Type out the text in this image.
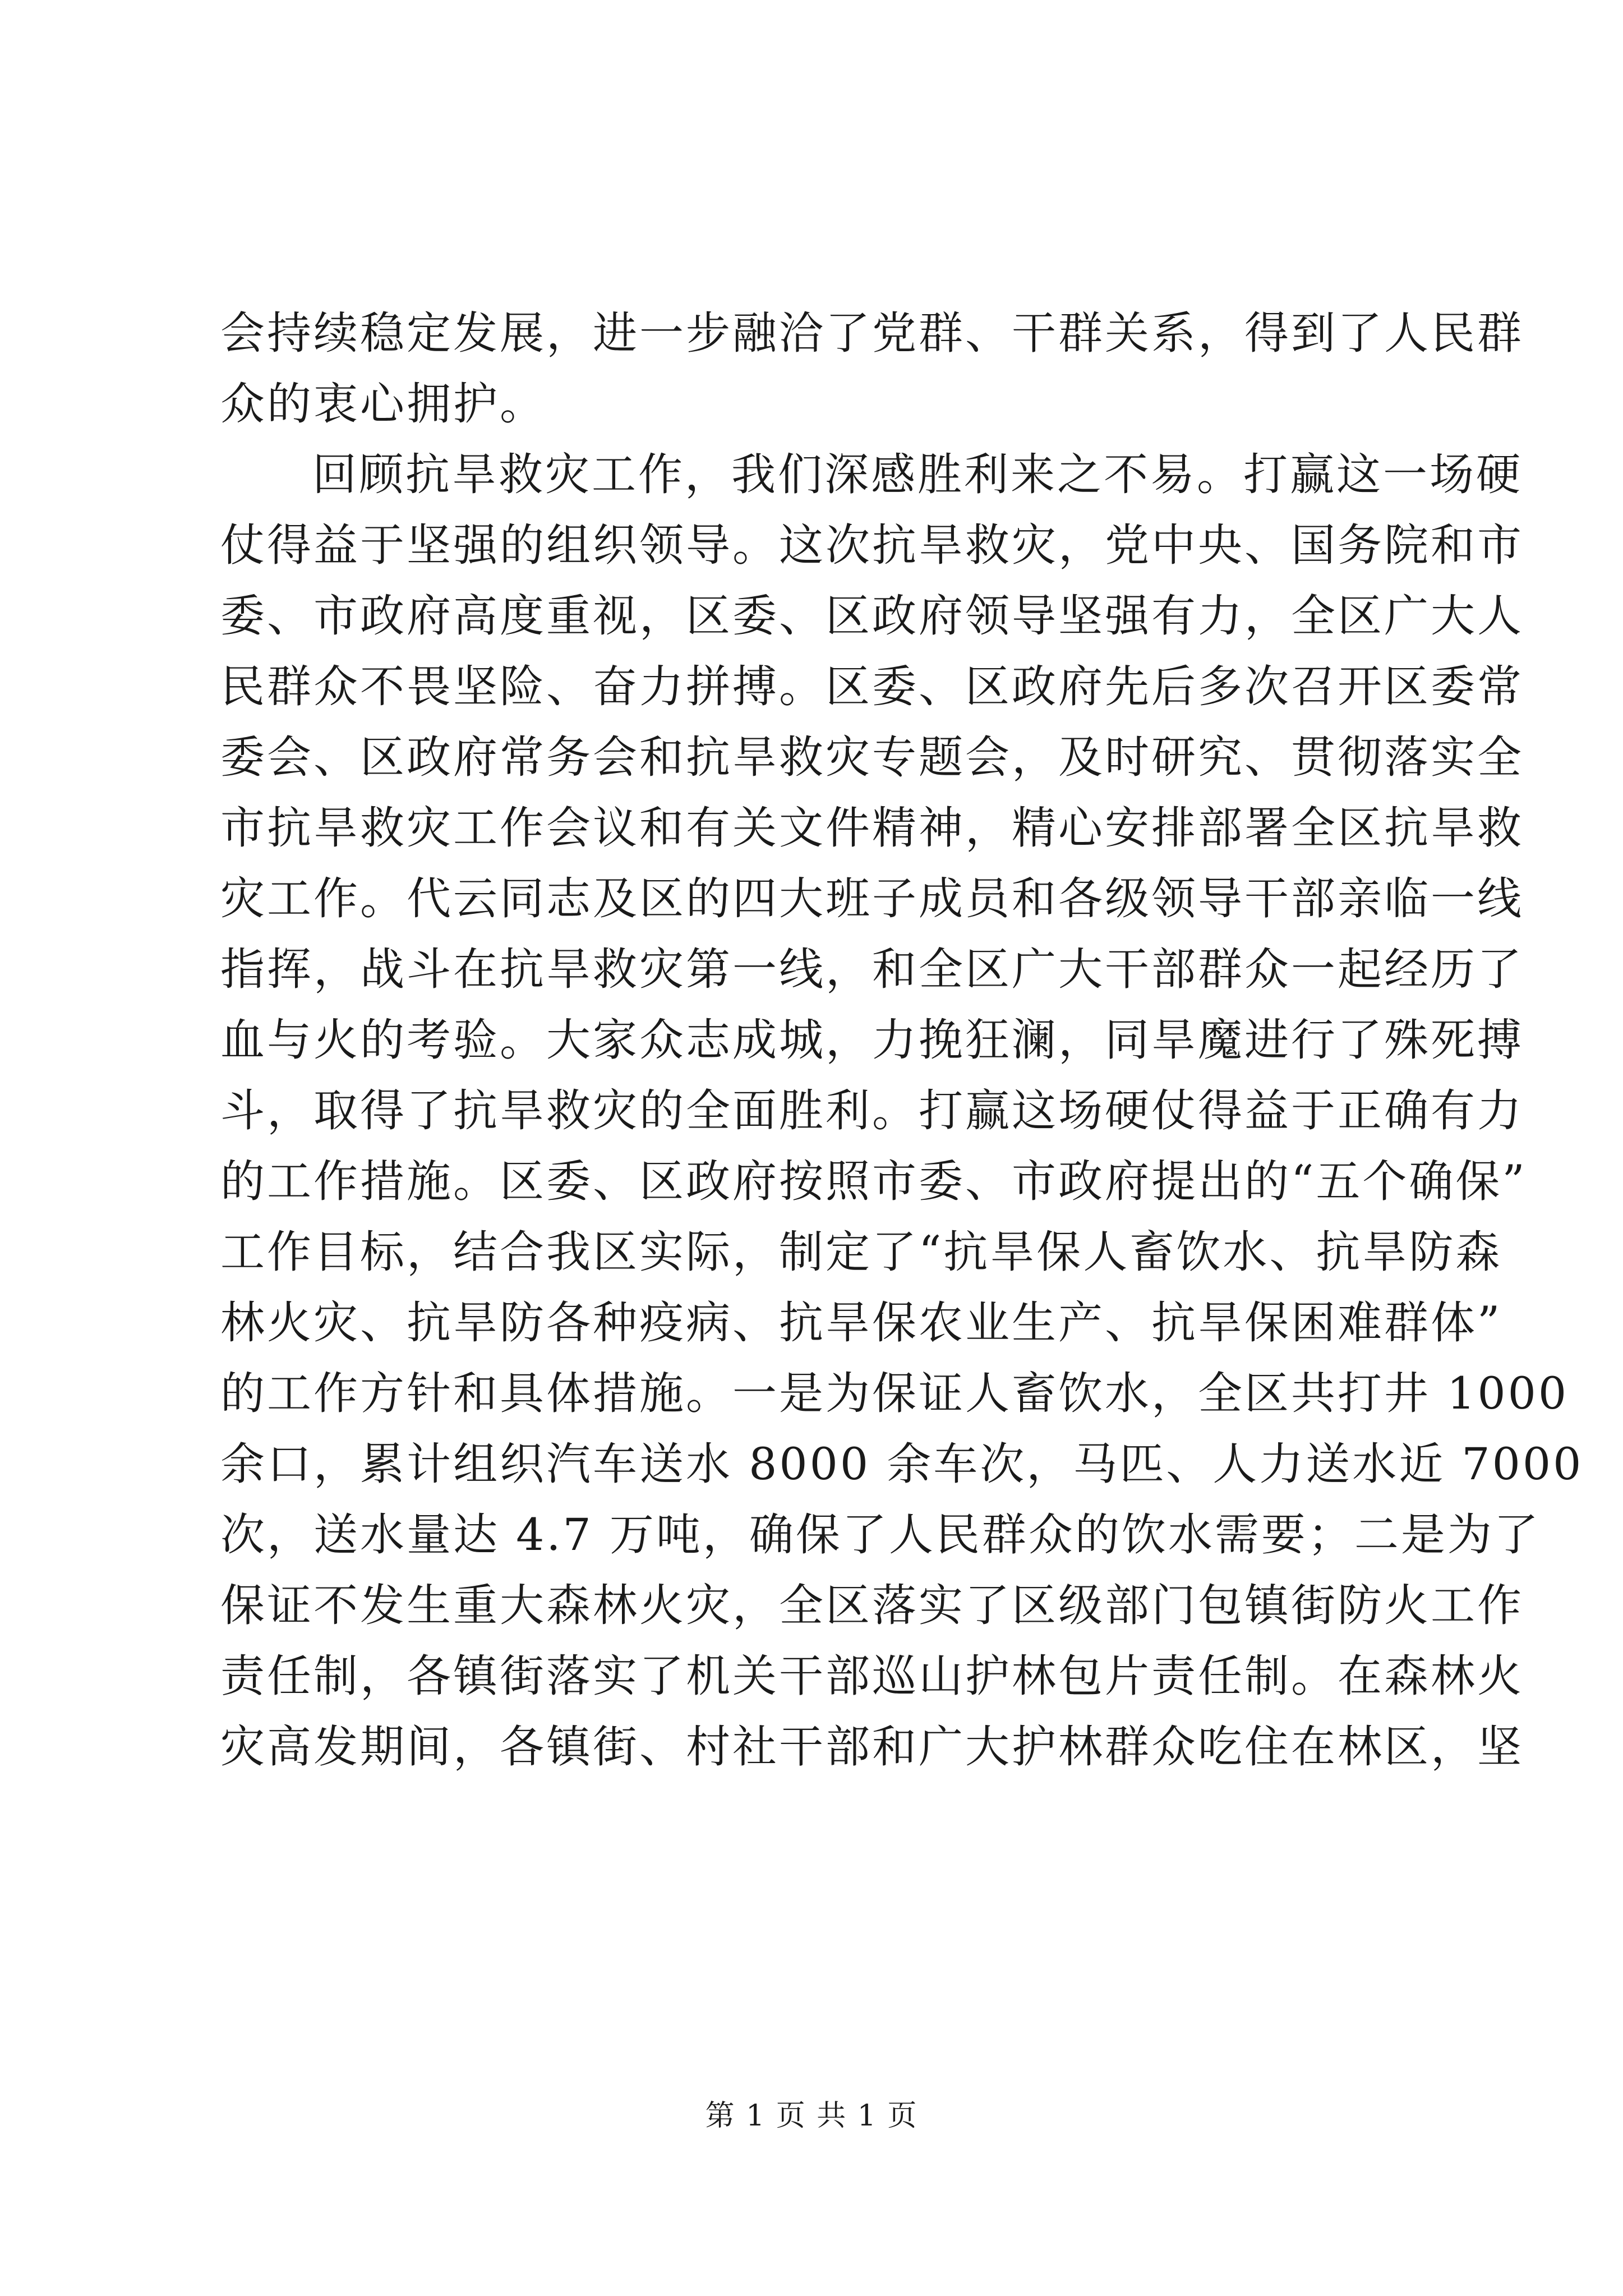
会持续稳定发展，进一步融洽了党群、干群关系，得到了人民群
众的衷心拥护。
回顾抗旱救灾工作，我们深感胜利来之不易。打赢这一场硬
仗得益于坚强的组织领导。这次抗旱救灾，党中央、国务院和市
委、市政府高度重视，区委、区政府领导坚强有力，全区广大人
民群众不畏坚险、奋力拼搏。区委、区政府先后多次召开区委常
委会、区政府常务会和抗旱救灾专题会，及时研究、贯彻落实全
市抗旱救灾工作会议和有关文件精神，精心安排部署全区抗旱救
灾工作。代云同志及区的四大班子成员和各级领导干部亲临一线
指挥，战斗在抗旱救灾第一线，和全区广大干部群众一起经历了
血与火的考验。大家众志成城，力挽狂澜，同旱魔进行了殊死搏
斗，取得了抗旱救灾的全面胜利。打赢这场硬仗得益于正确有力
的工作措施。区委、区政府按照市委、市政府提出的“五个确保”
工作目标，结合我区实际，制定了“抗旱保人畜饮水、抗旱防森
林火灾、抗旱防各种疫病、抗旱保农业生产、抗旱保困难群体”
的工作方针和具体措施。一是为保证人畜饮水，全区共打井 1000
余口，累计组织汽车送水 8000 余车次，马匹、人力送水近 7000
次，送水量达 4.7 万吨，确保了人民群众的饮水需要；二是为了
保证不发生重大森林火灾，全区落实了区级部门包镇街防火工作
责任制，各镇街落实了机关干部巡山护林包片责任制。在森林火
灾高发期间，各镇街、村社干部和广大护林群众吃住在林区，坚
第 1 页 共 1 页
